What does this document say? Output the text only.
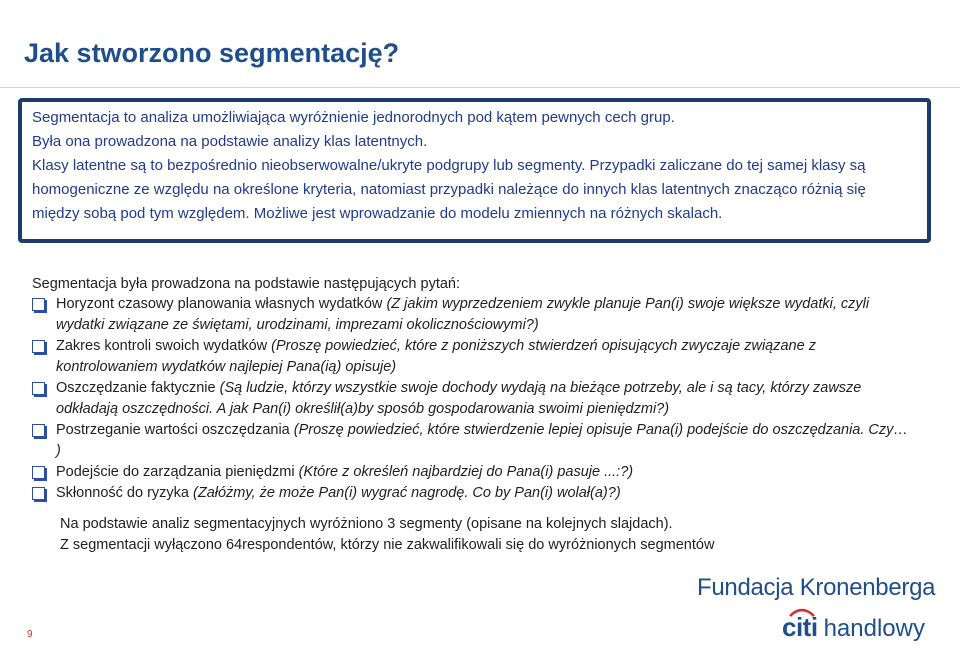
Jak stworzono segmentację?
Segmentacja to analiza umożliwiająca wyróżnienie jednorodnych pod kątem pewnych cech grup.
Była ona prowadzona na podstawie analizy klas latentnych.
Klasy latentne są to bezpośrednio nieobserwowalne/ukryte podgrupy lub segmenty. Przypadki zaliczane do tej samej klasy są homogeniczne ze względu na określone kryteria, natomiast przypadki należące do innych klas latentnych znacząco różnią się między sobą pod tym względem. Możliwe jest wprowadzanie do modelu zmiennych na różnych skalach.
Segmentacja była prowadzona na podstawie następujących pytań:
Horyzont czasowy planowania własnych wydatków (Z jakim wyprzedzeniem zwykle planuje Pan(i) swoje większe wydatki, czyli wydatki związane ze świętami, urodzinami, imprezami okolicznościowymi?)
Zakres kontroli swoich wydatków (Proszę powiedzieć, które z poniższych stwierdzeń opisujących zwyczaje związane z kontrolowaniem wydatków najlepiej Pana(ią) opisuje)
Oszczędzanie faktycznie (Są ludzie, którzy wszystkie swoje dochody wydają na bieżące potrzeby, ale i są tacy, którzy zawsze odkładają oszczędności. A jak Pan(i) określił(a)by sposób gospodarowania swoimi pieniędzmi?)
Postrzeganie wartości oszczędzania (Proszę powiedzieć, które stwierdzenie lepiej opisuje Pana(i) podejście do oszczędzania. Czy… )
Podejście do zarządzania pieniędzmi (Które z określeń najbardziej do Pana(i) pasuje ...:?)
Skłonność do ryzyka (Załóżmy, że może Pan(i) wygrać nagrodę. Co by Pan(i) wolał(a)?)
Na podstawie analiz segmentacyjnych wyróżniono 3 segmenty (opisane na kolejnych slajdach).
Z segmentacji wyłączono 64respondentów, którzy nie zakwalifikowali się do wyróżnionych segmentów
9
Fundacja Kronenberga
citi handlowy
